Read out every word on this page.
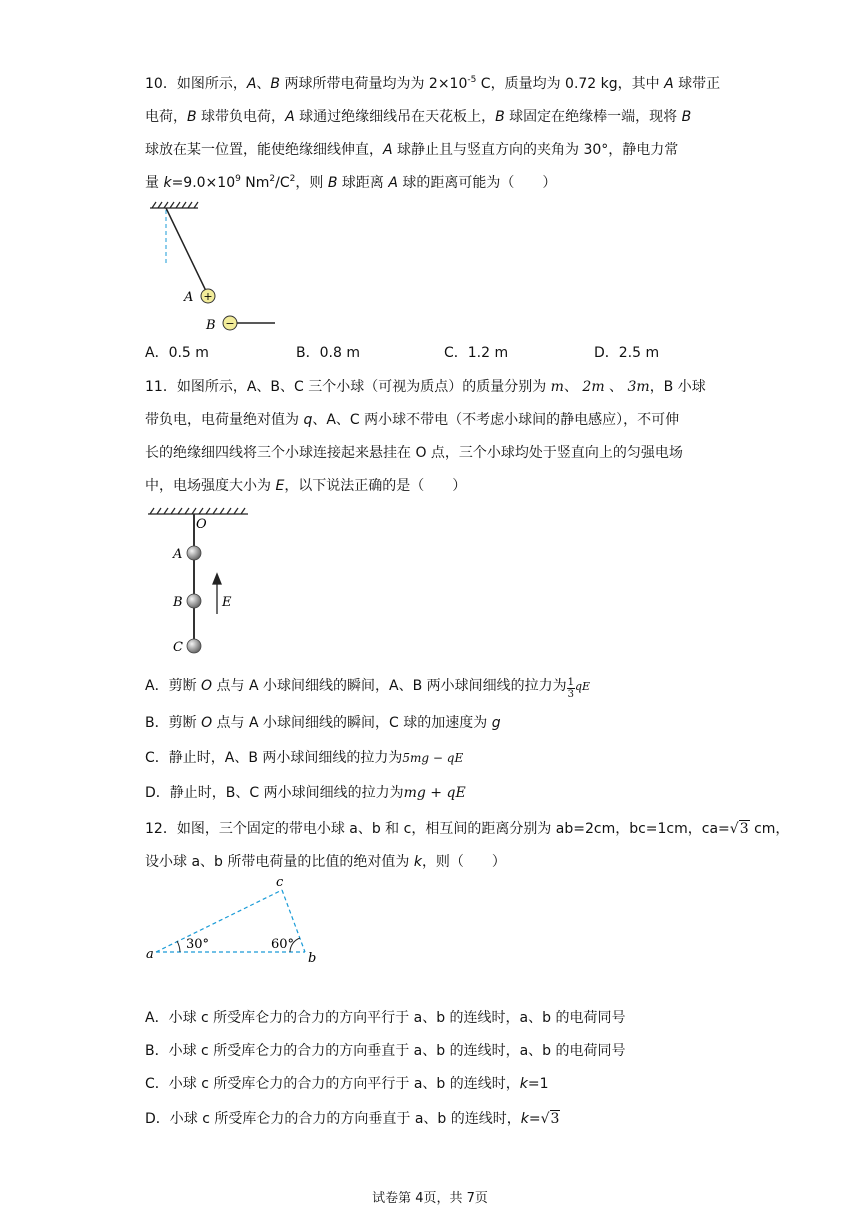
10．如图所示，A、B 两球所带电荷量均为为 $2\times 10^{-5}$ C，质量均为 0.72 kg，其中 A 球带正
电荷，B 球带负电荷，A 球通过绝缘细线吊在天花板上，B 球固定在绝缘棒一端，现将 B
球放在某一位置，能使绝缘细线伸直，A 球静止且与竖直方向的夹角为 30°，静电力常
量 $k=9.0\times 10^9$ $Nm^2/C^2$，则 B 球距离 A 球的距离可能为（　　）
+
A
−
B
A．0.5 m	B．0.8 m	C．1.2 m	D．2.5 m
11．如图所示，A、B、C 三个小球（可视为质点）的质量分别为 m、 2m 、 3m，B 小球
带负电，电荷量绝对值为 q、A、C 两小球不带电（不考虑小球间的静电感应），不可伸
长的绝缘细四线将三个小球连接起来悬挂在 O 点，三个小球均处于竖直向上的匀强电场
中，电场强度大小为 E，以下说法正确的是（　　）
O
A
B
C
E
A．剪断 O 点与 A 小球间细线的瞬间，A、B 两小球间细线的拉力为 $\frac{1}{3}$ qE
B．剪断 O 点与 A 小球间细线的瞬间，C 球的加速度为 g
C．静止时，A、B 两小球间细线的拉力为5mg − qE
D．静止时，B、C 两小球间细线的拉力为mg + qE
12．如图，三个固定的带电小球 a、b 和 c，相互间的距离分别为 ab=2cm，bc=1cm，ca=√3 cm，
设小球 a、b 所带电荷量的比值的绝对值为 k，则（　　）
a	b
c
30°	60°
A．小球 c 所受库仑力的合力的方向平行于 a、b 的连线时，a、b 的电荷同号
B．小球 c 所受库仑力的合力的方向垂直于 a、b 的连线时，a、b 的电荷同号
C．小球 c 所受库仑力的合力的方向平行于 a、b 的连线时，k=1
D．小球 c 所受库仑力的合力的方向垂直于 a、b 的连线时，k=√3
试卷第 4页，共 7页
